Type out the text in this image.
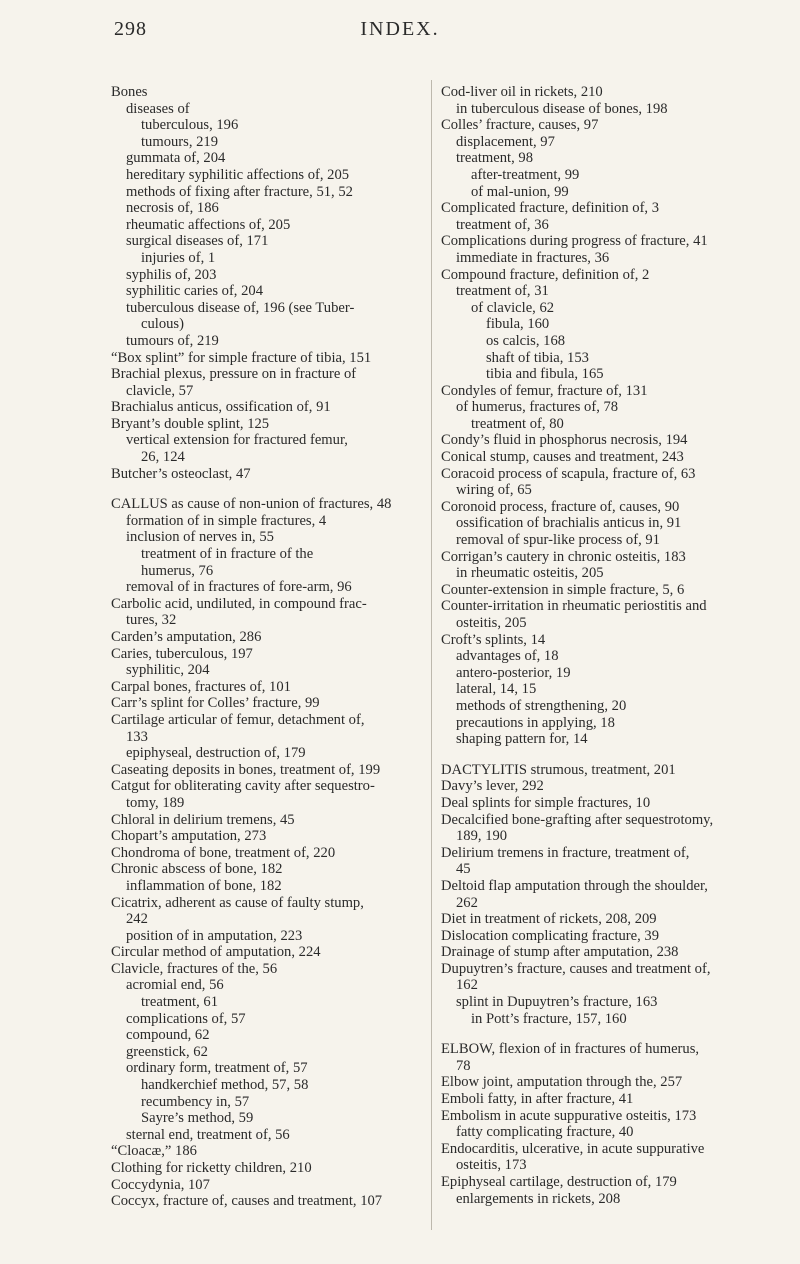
298	INDEX.
Bones
diseases of
tuberculous, 196
tumours, 219
gummata of, 204
hereditary syphilitic affections of, 205
methods of fixing after fracture, 51, 52
necrosis of, 186
rheumatic affections of, 205
surgical diseases of, 171
injuries of, 1
syphilis of, 203
syphilitic caries of, 204
tuberculous disease of, 196 (see Tuber-
culous)
tumours of, 219
“Box splint” for simple fracture of tibia, 151
Brachial plexus, pressure on in fracture of
clavicle, 57
Brachialus anticus, ossification of, 91
Bryant’s double splint, 125
vertical extension for fractured femur,
26, 124
Butcher’s osteoclast, 47
CALLUS as cause of non-union of fractures, 48
formation of in simple fractures, 4
inclusion of nerves in, 55
treatment of in fracture of the
humerus, 76
removal of in fractures of fore-arm, 96
Carbolic acid, undiluted, in compound frac-
tures, 32
Carden’s amputation, 286
Caries, tuberculous, 197
syphilitic, 204
Carpal bones, fractures of, 101
Carr’s splint for Colles’ fracture, 99
Cartilage articular of femur, detachment of,
133
epiphyseal, destruction of, 179
Caseating deposits in bones, treatment of, 199
Catgut for obliterating cavity after sequestro-
tomy, 189
Chloral in delirium tremens, 45
Chopart’s amputation, 273
Chondroma of bone, treatment of, 220
Chronic abscess of bone, 182
inflammation of bone, 182
Cicatrix, adherent as cause of faulty stump,
242
position of in amputation, 223
Circular method of amputation, 224
Clavicle, fractures of the, 56
acromial end, 56
treatment, 61
complications of, 57
compound, 62
greenstick, 62
ordinary form, treatment of, 57
handkerchief method, 57, 58
recumbency in, 57
Sayre’s method, 59
sternal end, treatment of, 56
“Cloacæ,” 186
Clothing for ricketty children, 210
Coccydynia, 107
Coccyx, fracture of, causes and treatment, 107
Cod-liver oil in rickets, 210
in tuberculous disease of bones, 198
Colles’ fracture, causes, 97
displacement, 97
treatment, 98
after-treatment, 99
of mal-union, 99
Complicated fracture, definition of, 3
treatment of, 36
Complications during progress of fracture, 41
immediate in fractures, 36
Compound fracture, definition of, 2
treatment of, 31
of clavicle, 62
fibula, 160
os calcis, 168
shaft of tibia, 153
tibia and fibula, 165
Condyles of femur, fracture of, 131
of humerus, fractures of, 78
treatment of, 80
Condy’s fluid in phosphorus necrosis, 194
Conical stump, causes and treatment, 243
Coracoid process of scapula, fracture of, 63
wiring of, 65
Coronoid process, fracture of, causes, 90
ossification of brachialis anticus in, 91
removal of spur-like process of, 91
Corrigan’s cautery in chronic osteitis, 183
in rheumatic osteitis, 205
Counter-extension in simple fracture, 5, 6
Counter-irritation in rheumatic periostitis and
osteitis, 205
Croft’s splints, 14
advantages of, 18
antero-posterior, 19
lateral, 14, 15
methods of strengthening, 20
precautions in applying, 18
shaping pattern for, 14
DACTYLITIS strumous, treatment, 201
Davy’s lever, 292
Deal splints for simple fractures, 10
Decalcified bone-grafting after sequestrotomy,
189, 190
Delirium tremens in fracture, treatment of,
45
Deltoid flap amputation through the shoulder,
262
Diet in treatment of rickets, 208, 209
Dislocation complicating fracture, 39
Drainage of stump after amputation, 238
Dupuytren’s fracture, causes and treatment of,
162
splint in Dupuytren’s fracture, 163
in Pott’s fracture, 157, 160
ELBOW, flexion of in fractures of humerus,
78
Elbow joint, amputation through the, 257
Emboli fatty, in after fracture, 41
Embolism in acute suppurative osteitis, 173
fatty complicating fracture, 40
Endocarditis, ulcerative, in acute suppurative
osteitis, 173
Epiphyseal cartilage, destruction of, 179
enlargements in rickets, 208
